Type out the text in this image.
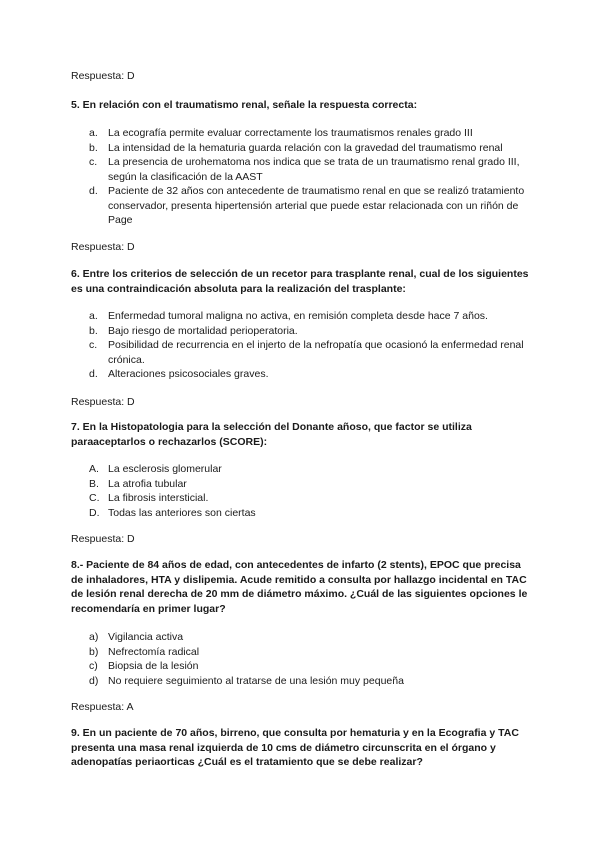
Respuesta: D
5. En relación con el traumatismo renal, señale la respuesta correcta:
a. La ecografía permite evaluar correctamente los traumatismos renales grado III
b. La intensidad de la hematuria guarda relación con la gravedad del traumatismo renal
c. La presencia de urohematoma nos indica que se trata de un traumatismo renal grado III, según la clasificación de la AAST
d. Paciente de 32 años con antecedente de traumatismo renal en que se realizó tratamiento conservador, presenta hipertensión arterial que puede estar relacionada con un riñón de Page
Respuesta: D
6. Entre los criterios de selección de un recetor para trasplante renal, cual de los siguientes es una contraindicación absoluta para la realización del trasplante:
a. Enfermedad tumoral maligna no activa, en remisión completa desde hace 7 años.
b. Bajo riesgo de mortalidad perioperatoria.
c. Posibilidad de recurrencia en el injerto de la nefropatía que ocasionó la enfermedad renal crónica.
d. Alteraciones psicosociales graves.
Respuesta: D
7. En la Histopatologia para la selección del Donante añoso, que factor se utiliza paraaceptarlos o rechazarlos (SCORE):
A. La esclerosis glomerular
B. La atrofia tubular
C. La fibrosis intersticial.
D. Todas las anteriores son ciertas
Respuesta: D
8.- Paciente de 84 años de edad, con antecedentes de infarto (2 stents), EPOC que precisa de inhaladores, HTA y dislipemia. Acude remitido a consulta por hallazgo incidental en TAC de lesión renal derecha de 20 mm de diámetro máximo. ¿Cuál de las siguientes opciones le recomendaría en primer lugar?
a) Vigilancia activa
b) Nefrectomía radical
c) Biopsia de la lesión
d) No requiere seguimiento al tratarse de una lesión muy pequeña
Respuesta: A
9. En un paciente de 70 años, birreno, que consulta por hematuria y en la Ecografia y TAC presenta una masa renal izquierda de 10 cms de diámetro circunscrita en el órgano y adenopatías periaorticas ¿Cuál es el tratamiento que se debe realizar?
